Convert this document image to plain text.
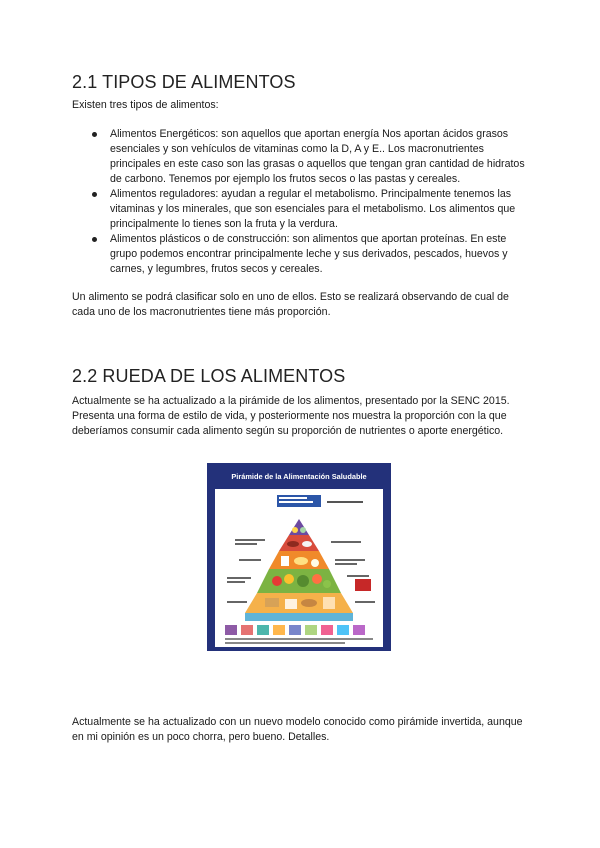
2.1 TIPOS DE ALIMENTOS

Existen tres tipos de alimentos:

Alimentos Energéticos: son aquellos que aportan energía Nos aportan ácidos grasos esenciales y son vehículos de vitaminas como la D, A y E.. Los macronutrientes principales en este caso son las grasas o aquellos que tengan gran cantidad de hidratos de carbono. Tenemos por ejemplo los frutos secos o las pastas y cereales.
Alimentos reguladores: ayudan a regular el metabolismo. Principalmente tenemos las vitaminas y los minerales, que son esenciales para el metabolismo. Los alimentos que principalmente lo tienes son la fruta y la verdura.
Alimentos plásticos o de construcción: son alimentos que aportan proteínas. En este grupo podemos encontrar principalmente leche y sus derivados, pescados, huevos y carnes, y legumbres, frutos secos y cereales.

Un alimento se podrá clasificar solo en uno de ellos. Esto se realizará observando de cual de cada uno de los macronutrientes tiene más proporción.

2.2 RUEDA DE LOS ALIMENTOS

Actualmente se ha actualizado a la pirámide de los alimentos, presentado por la SENC 2015. Presenta una forma de estilo de vida, y posteriormente nos muestra la proporción con la que deberíamos consumir cada alimento según su proporción de nutrientes o aporte energético.

Actualmente se ha actualizado con un nuevo modelo conocido como pirámide invertida, aunque en mi opinión es un poco chorra, pero bueno. Detalles.

Pirámide de la Alimentación Saludable
